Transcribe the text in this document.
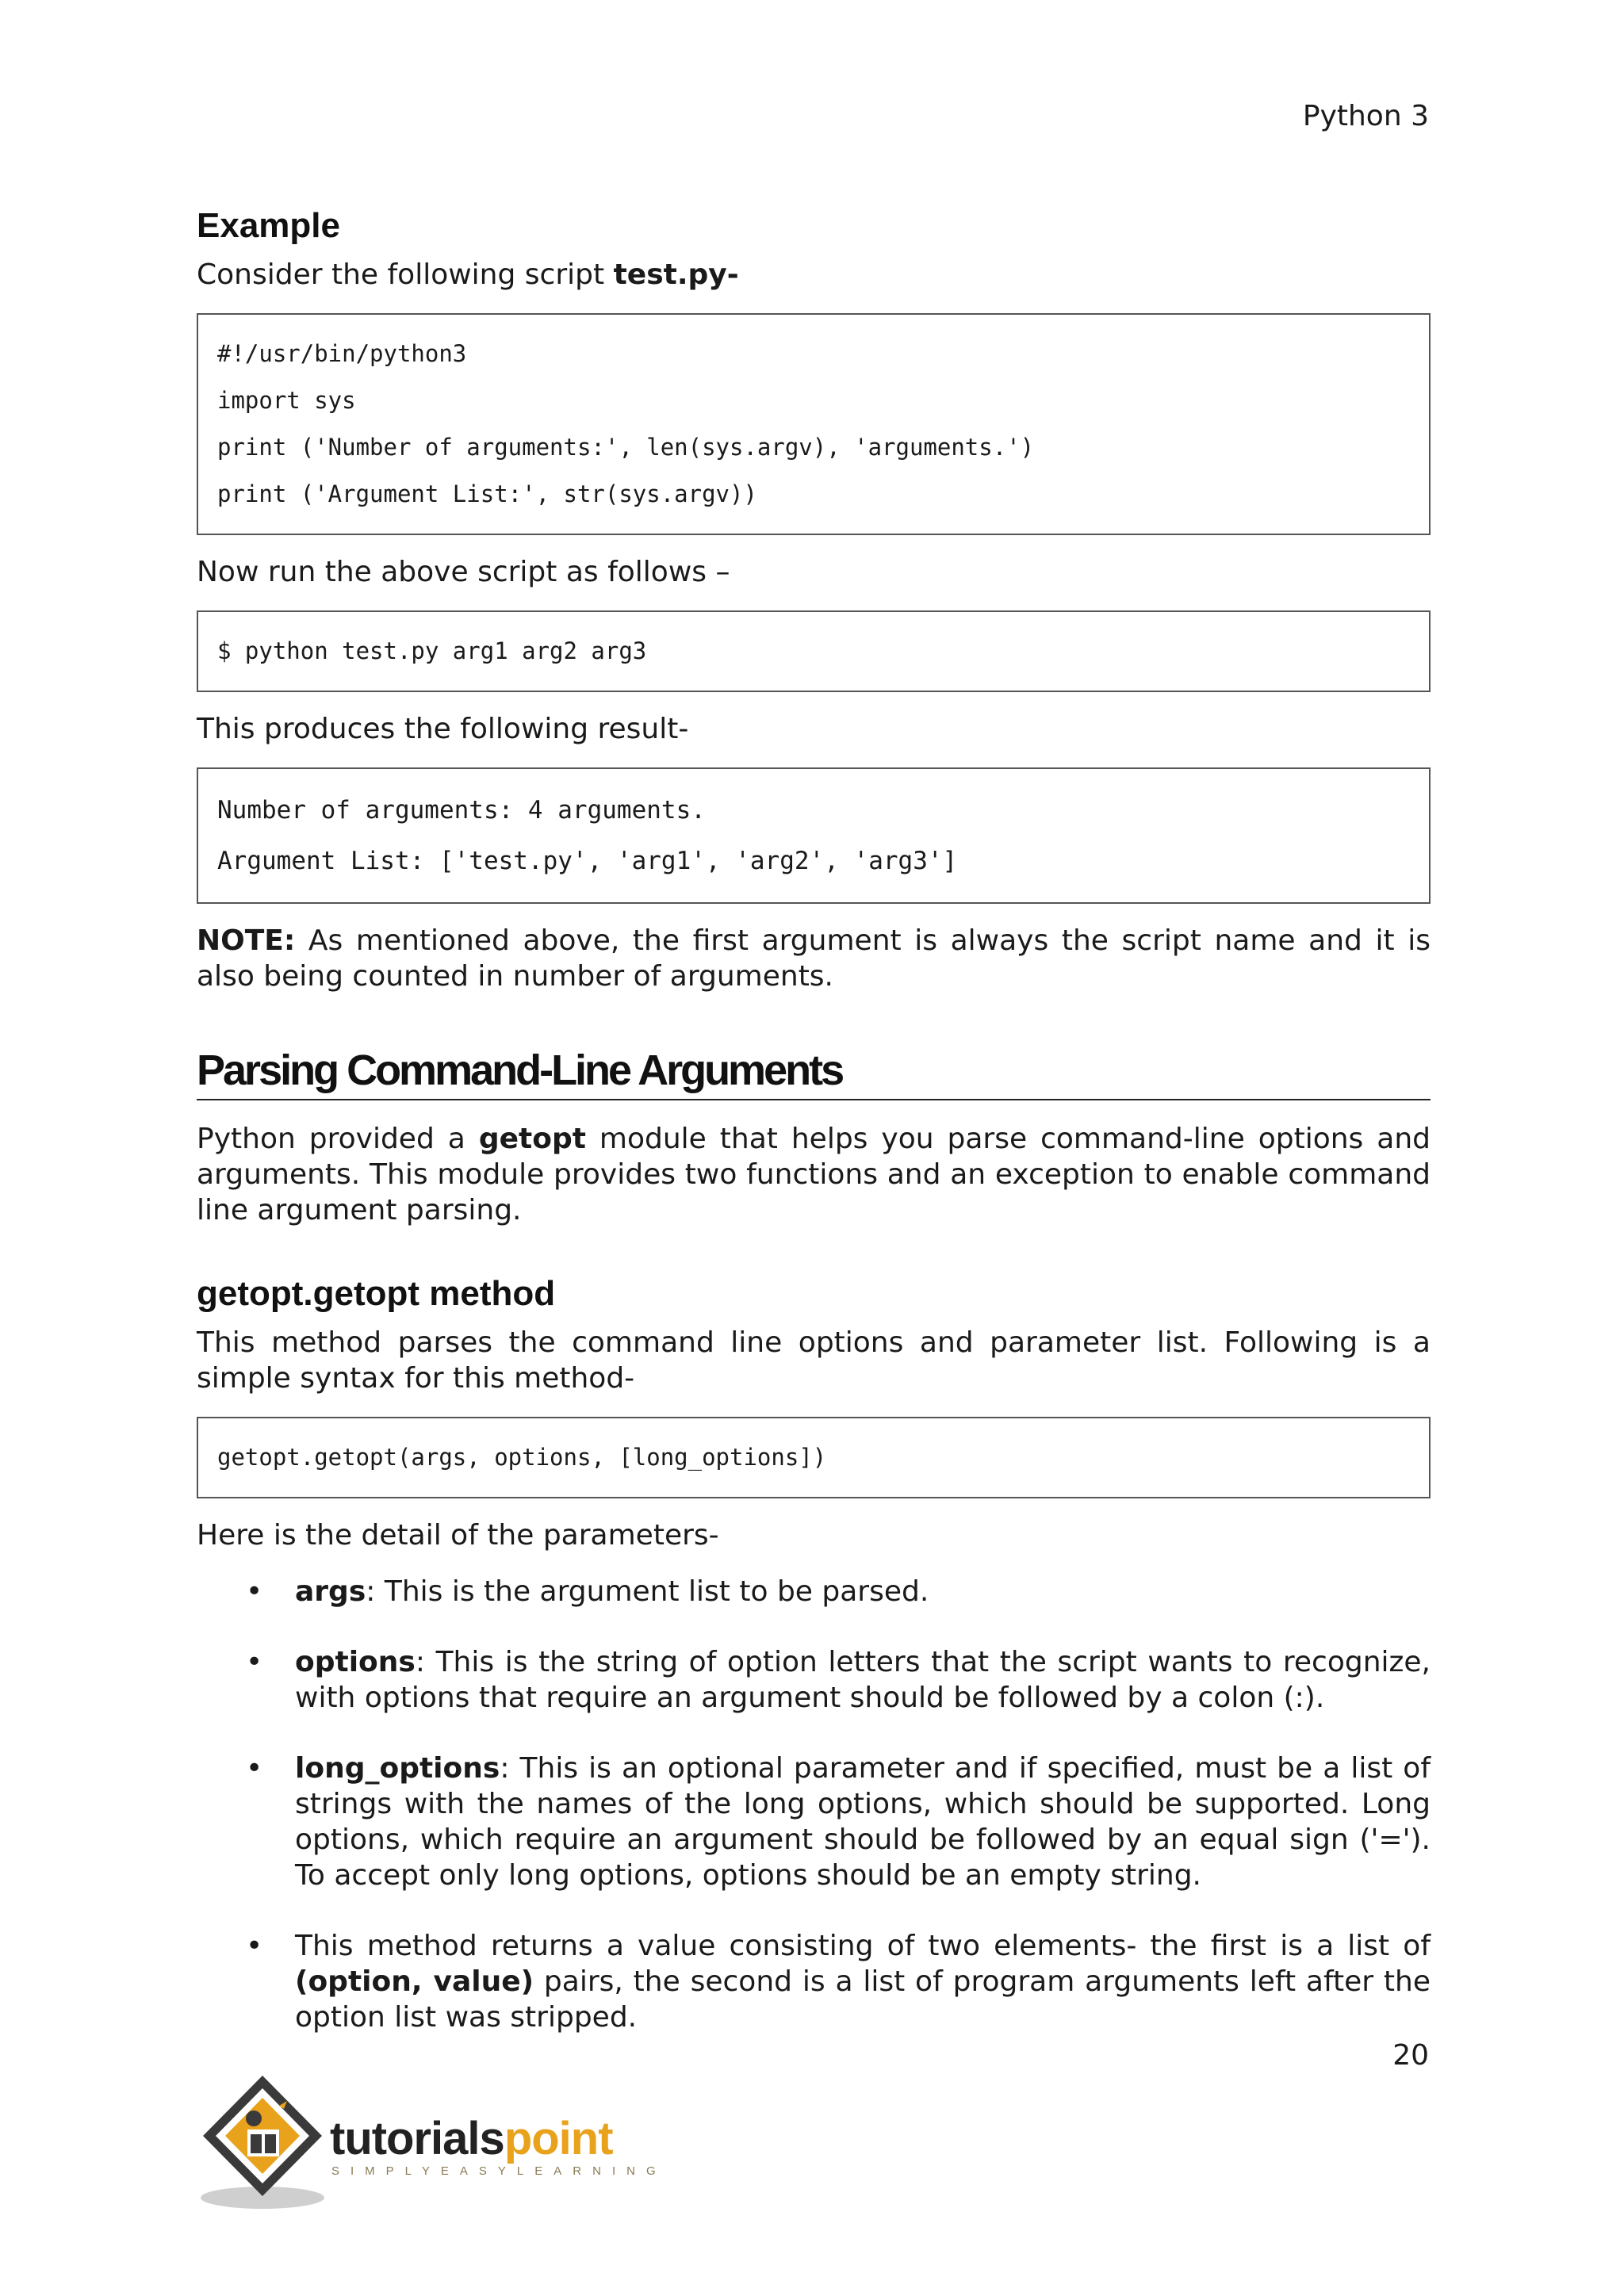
Python 3
Example

Consider the following script test.py-

#!/usr/bin/python3
import sys
print ('Number of arguments:', len(sys.argv), 'arguments.')
print ('Argument List:', str(sys.argv))

Now run the above script as follows –

$ python test.py arg1 arg2 arg3

This produces the following result-

Number of arguments: 4 arguments.
Argument List: ['test.py', 'arg1', 'arg2', 'arg3']

NOTE: As mentioned above, the first argument is always the script name and it is also being counted in number of arguments.

Parsing Command-Line Arguments

Python provided a getopt module that helps you parse command-line options and arguments. This module provides two functions and an exception to enable command line argument parsing.

getopt.getopt method

This method parses the command line options and parameter list. Following is a simple syntax for this method-

getopt.getopt(args, options, [long_options])

Here is the detail of the parameters-

• args: This is the argument list to be parsed.
• options: This is the string of option letters that the script wants to recognize, with options that require an argument should be followed by a colon (:).
• long_options: This is an optional parameter and if specified, must be a list of strings with the names of the long options, which should be supported. Long options, which require an argument should be followed by an equal sign ('='). To accept only long options, options should be an empty string.
• This method returns a value consisting of two elements- the first is a list of (option, value) pairs, the second is a list of program arguments left after the option list was stripped.
20
tutorialspoint
SIMPLYEASYLEARNING
